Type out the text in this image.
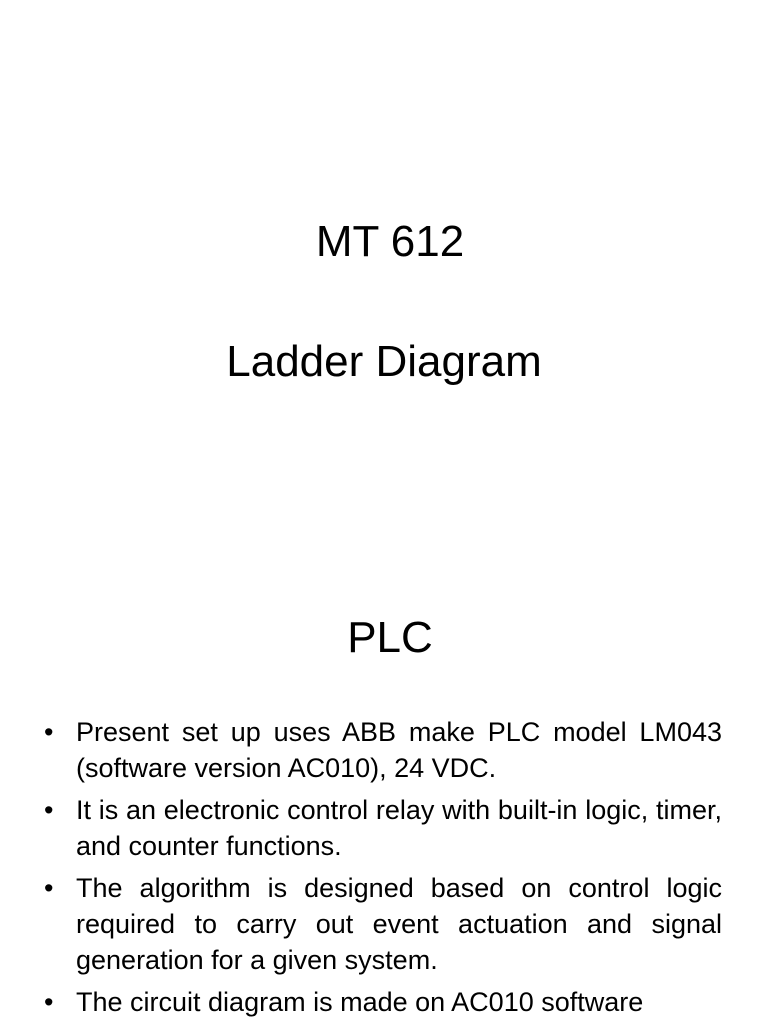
MT 612
Ladder Diagram
PLC
• Present set up uses ABB make PLC model LM043 (software version AC010), 24 VDC.
• It is an electronic control relay with built-in logic, timer, and counter functions.
• The algorithm is designed based on control logic required to carry out event actuation and signal generation for a given system.
• The circuit diagram is made on AC010 software
